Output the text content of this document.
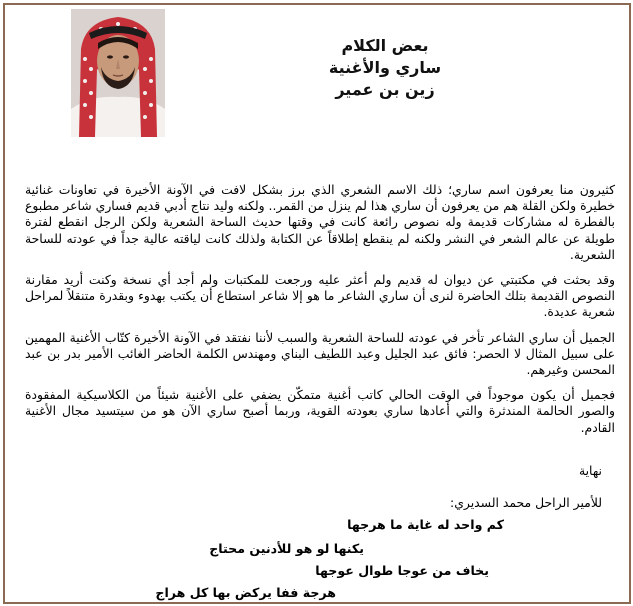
بعض الكلام
ساري والأغنية
زين بن عمير

كثيرون منا يعرفون اسم ساري؛ ذلك الاسم الشعري الذي برز بشكل لافت في الآونة الأخيرة في تعاونات غنائية خطيرة ولكن القلة هم من يعرفون أن ساري هذا لم ينزل من القمر.. ولكنه وليد نتاج أدبي قديم فساري شاعر مطبوع بالفطرة له مشاركات قديمة وله نصوص رائعة كانت في وقتها حديث الساحة الشعرية ولكن الرجل انقطع لفترة طويلة عن عالم الشعر في النشر ولكنه لم ينقطع إطلاقاً عن الكتابة ولذلك كانت لياقته عالية جداً في عودته للساحة الشعرية.

وقد بحثت في مكتبتي عن ديوان له قديم ولم أعثر عليه ورجعت للمكتبات ولم أجد أي نسخة وكنت أريد مقارنة النصوص القديمة بتلك الحاضرة لنرى أن ساري الشاعر ما هو إلا شاعر استطاع أن يكتب بهدوء وبقدرة متنقلاً لمراحل شعرية عديدة.

الجميل أن ساري الشاعر تأخر في عودته للساحة الشعرية والسبب لأننا نفتقد في الآونة الأخيرة كتّاب الأغنية المهمين على سبيل المثال لا الحصر: فائق عبد الجليل وعبد اللطيف البناي ومهندس الكلمة الحاضر الغائب الأمير بدر بن عبد المحسن وغيرهم.

فجميل أن يكون موجوداً في الوقت الحالي كاتب أغنية متمكّن يضفي على الأغنية شيئاً من الكلاسيكية المفقودة والصور الحالمة المندثرة والتي أعادها ساري بعودته القوية، وربما أصبح ساري الآن هو من سيتسيد مجال الأغنية القادم.

نهاية
للأمير الراحل محمد السديري:
كم واحد له غاية ما هرجها
يكنها لو هو للأدنين محتاج
يخاف من عوجا طوال عوجها
هرجة ففا يركض بها كل هراج
